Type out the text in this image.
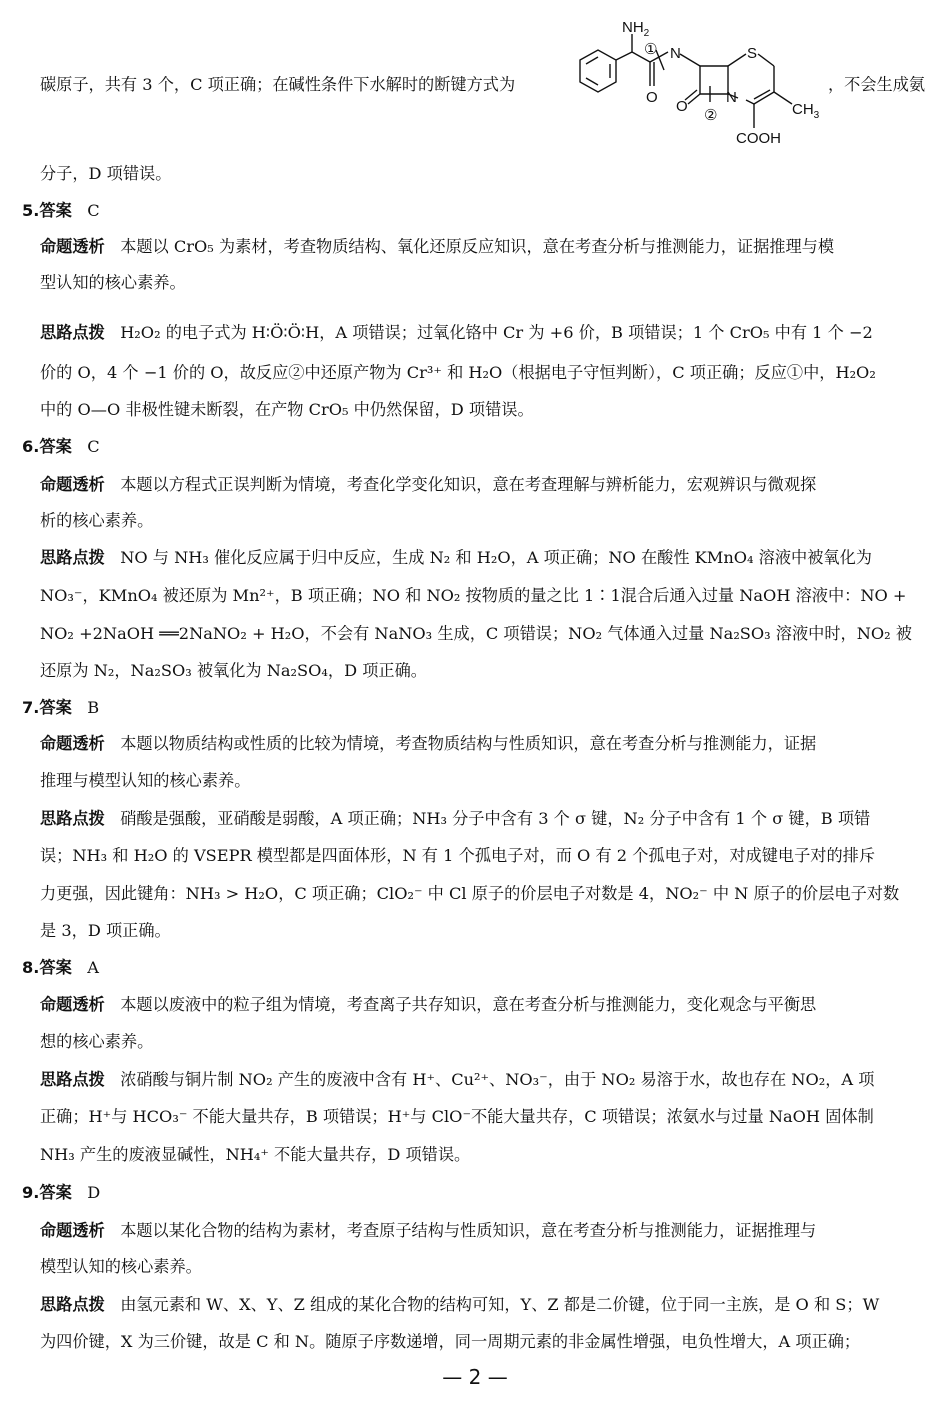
碳原子，共有 3 个，C 项正确；在碱性条件下水解时的断键方式为
$NH_2$
① N
O
S
N
O
②	$CH_3$
COOH
，不会生成氨
分子，D 项错误。
5.答案 C
命题透析 本题以 CrO₅ 为素材，考查物质结构、氧化还原反应知识，意在考查分析与推测能力，证据推理与模
型认知的核心素养。
思路点拨 H₂O₂ 的电子式为 H∶Ö∶Ö∶H，A 项错误；过氧化铬中 Cr 为 +6 价，B 项错误；1 个 CrO₅ 中有 1 个 −2
价的 O，4 个 −1 价的 O，故反应②中还原产物为 Cr³⁺ 和 H₂O（根据电子守恒判断），C 项正确；反应①中，H₂O₂
中的 O—O 非极性键未断裂，在产物 CrO₅ 中仍然保留，D 项错误。
6.答案 C
命题透析 本题以方程式正误判断为情境，考查化学变化知识，意在考查理解与辨析能力，宏观辨识与微观探
析的核心素养。
思路点拨 NO 与 NH₃ 催化反应属于归中反应，生成 N₂ 和 H₂O，A 项正确；NO 在酸性 KMnO₄ 溶液中被氧化为
NO₃⁻，KMnO₄ 被还原为 Mn²⁺，B 项正确；NO 和 NO₂ 按物质的量之比 1∶1混合后通入过量 NaOH 溶液中：NO +
NO₂ +2NaOH ══2NaNO₂ + H₂O，不会有 NaNO₃ 生成，C 项错误；NO₂ 气体通入过量 Na₂SO₃ 溶液中时，NO₂ 被
还原为 N₂，Na₂SO₃ 被氧化为 Na₂SO₄，D 项正确。
7.答案 B
命题透析 本题以物质结构或性质的比较为情境，考查物质结构与性质知识，意在考查分析与推测能力，证据
推理与模型认知的核心素养。
思路点拨 硝酸是强酸，亚硝酸是弱酸，A 项正确；NH₃ 分子中含有 3 个 σ 键，N₂ 分子中含有 1 个 σ 键，B 项错
误；NH₃ 和 H₂O 的 VSEPR 模型都是四面体形，N 有 1 个孤电子对，而 O 有 2 个孤电子对，对成键电子对的排斥
力更强，因此键角：NH₃ > H₂O，C 项正确；ClO₂⁻ 中 Cl 原子的价层电子对数是 4，NO₂⁻ 中 N 原子的价层电子对数
是 3，D 项正确。
8.答案 A
命题透析 本题以废液中的粒子组为情境，考查离子共存知识，意在考查分析与推测能力，变化观念与平衡思
想的核心素养。
思路点拨 浓硝酸与铜片制 NO₂ 产生的废液中含有 H⁺、Cu²⁺、NO₃⁻，由于 NO₂ 易溶于水，故也存在 NO₂，A 项
正确；H⁺与 HCO₃⁻ 不能大量共存，B 项错误；H⁺与 ClO⁻不能大量共存，C 项错误；浓氨水与过量 NaOH 固体制
NH₃ 产生的废液显碱性，NH₄⁺ 不能大量共存，D 项错误。
9.答案 D
命题透析 本题以某化合物的结构为素材，考查原子结构与性质知识，意在考查分析与推测能力，证据推理与
模型认知的核心素养。
思路点拨 由氢元素和 W、X、Y、Z 组成的某化合物的结构可知，Y、Z 都是二价键，位于同一主族，是 O 和 S；W
为四价键，X 为三价键，故是 C 和 N。随原子序数递增，同一周期元素的非金属性增强，电负性增大，A 项正确；
— 2 —
